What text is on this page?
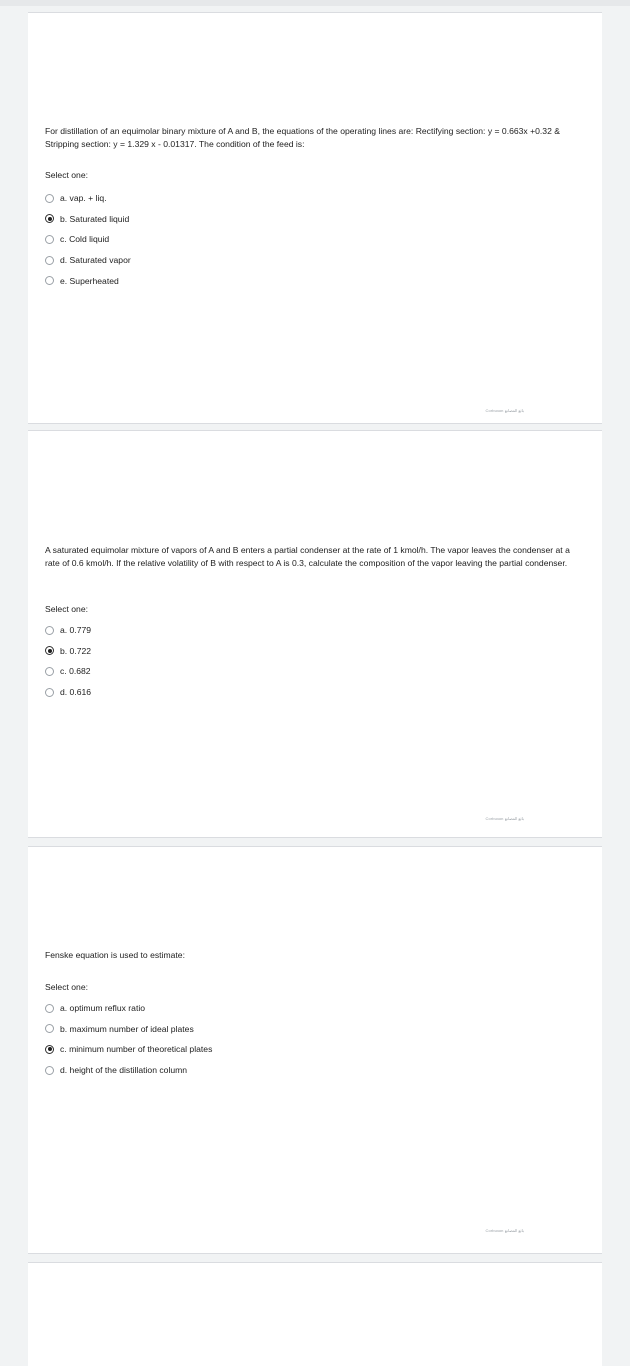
For distillation of an equimolar binary mixture of A and B, the equations of the operating lines are: Rectifying section: y = 0.663x +0.32 & Stripping section: y = 1.329 x - 0.01317. The condition of the feed is:
Select one:
a. vap. + liq.
b. Saturated liquid
c. Cold liquid
d. Saturated vapor
e. Superheated
Сorbuзon بائع المصانع
A saturated equimolar mixture of vapors of A and B enters a partial condenser at the rate of 1 kmol/h. The vapor leaves the condenser at a rate of 0.6 kmol/h. If the relative volatility of B with respect to A is 0.3, calculate the composition of the vapor leaving the partial condenser.
Select one:
a. 0.779
b. 0.722
c. 0.682
d. 0.616
Сorbuзon بائع المصانع
Fenske equation is used to estimate:
Select one:
a. optimum reflux ratio
b. maximum number of ideal plates
c. minimum number of theoretical plates
d. height of the distillation column
Сorbuзon بائع المصانع
